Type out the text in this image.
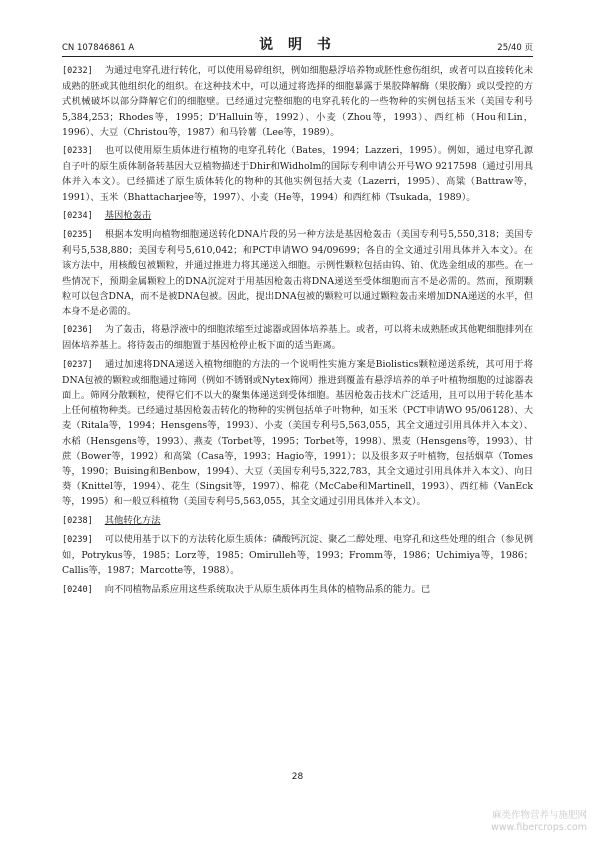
CN 107846861 A	说 明 书	25/40 页
[0232] 为通过电穿孔进行转化，可以使用易碎组织，例如细胞悬浮培养物或胚性愈伤组织，或者可以直接转化未成熟的胚或其他组织化的组织。在这种技术中，可以通过将选择的细胞暴露于果胶降解酶（果胶酶）或以受控的方式机械破坏以部分降解它们的细胞壁。已经通过完整细胞的电穿孔转化的一些物种的实例包括玉米（美国专利号5,384,253；Rhodes等，1995；D'Halluin等，1992）、小麦（Zhou等，1993）、西红柿（Hou和Lin，1996）、大豆（Christou等，1987）和马铃薯（Lee等，1989）。
[0233] 也可以使用原生质体进行植物的电穿孔转化（Bates，1994；Lazzeri，1995）。例如，通过电穿孔源自子叶的原生质体制备转基因大豆植物描述于Dhir和Widholm的国际专利申请公开号WO 9217598（通过引用具体并入本文）。已经描述了原生质体转化的物种的其他实例包括大麦（Lazerri，1995）、高粱（Battraw等，1991）、玉米（Bhattacharjee等，1997）、小麦（He等，1994）和西红柿（Tsukada，1989）。
[0234] 基因枪轰击
[0235] 根据本发明向植物细胞递送转化DNA片段的另一种方法是基因枪轰击（美国专利号5,550,318；美国专利号5,538,880；美国专利号5,610,042；和PCT申请WO 94/09699；各自的全文通过引用具体并入本文）。在该方法中，用核酸包被颗粒，并通过推进力将其递送入细胞。示例性颗粒包括由钨、铂、优选金组成的那些。在一些情况下，预期金属颗粒上的DNA沉淀对于用基因枪轰击将DNA递送至受体细胞而言不是必需的。然而，预期颗粒可以包含DNA，而不是被DNA包被。因此，提出DNA包被的颗粒可以通过颗粒轰击来增加DNA递送的水平，但本身不是必需的。
[0236] 为了轰击，将悬浮液中的细胞浓缩至过滤器或固体培养基上。或者，可以将未成熟胚或其他靶细胞排列在固体培养基上。将待轰击的细胞置于基因枪停止板下面的适当距离。
[0237] 通过加速将DNA递送入植物细胞的方法的一个说明性实施方案是Biolistics颗粒递送系统，其可用于将DNA包被的颗粒或细胞通过筛网（例如不锈钢或Nytex筛网）推进到覆盖有悬浮培养的单子叶植物细胞的过滤器表面上。筛网分散颗粒，使得它们不以大的聚集体递送到受体细胞。基因枪轰击技术广泛适用，且可以用于转化基本上任何植物种类。已经通过基因枪轰击转化的物种的实例包括单子叶物种，如玉米（PCT申请WO 95/06128）、大麦（Ritala等，1994；Hensgens等，1993）、小麦（美国专利号5,563,055，其全文通过引用具体并入本文）、水稻（Hensgens等，1993）、燕麦（Torbet等，1995；Torbet等，1998）、黑麦（Hensgens等，1993）、甘蔗（Bower等，1992）和高粱（Casa等，1993；Hagio等，1991）；以及很多双子叶植物，包括烟草（Tomes等，1990；Buising和Benbow，1994）、大豆（美国专利号5,322,783，其全文通过引用具体并入本文）、向日葵（Knittel等，1994）、花生（Singsit等，1997）、棉花（McCabe和Martinell，1993）、西红柿（VanEck等，1995）和一般豆科植物（美国专利号5,563,055，其全文通过引用具体并入本文）。
[0238] 其他转化方法
[0239] 可以使用基于以下的方法转化原生质体：磷酸钙沉淀、聚乙二醇处理、电穿孔和这些处理的组合（参见例如，Potrykus等，1985；Lorz等，1985；Omirulleh等，1993；Fromm等，1986；Uchimiya等，1986；Callis等，1987；Marcotte等，1988）。
[0240] 向不同植物品系应用这些系统取决于从原生质体再生具体的植物品系的能力。已
28
麻类作物营养与施肥网
www.fibercrops.com
